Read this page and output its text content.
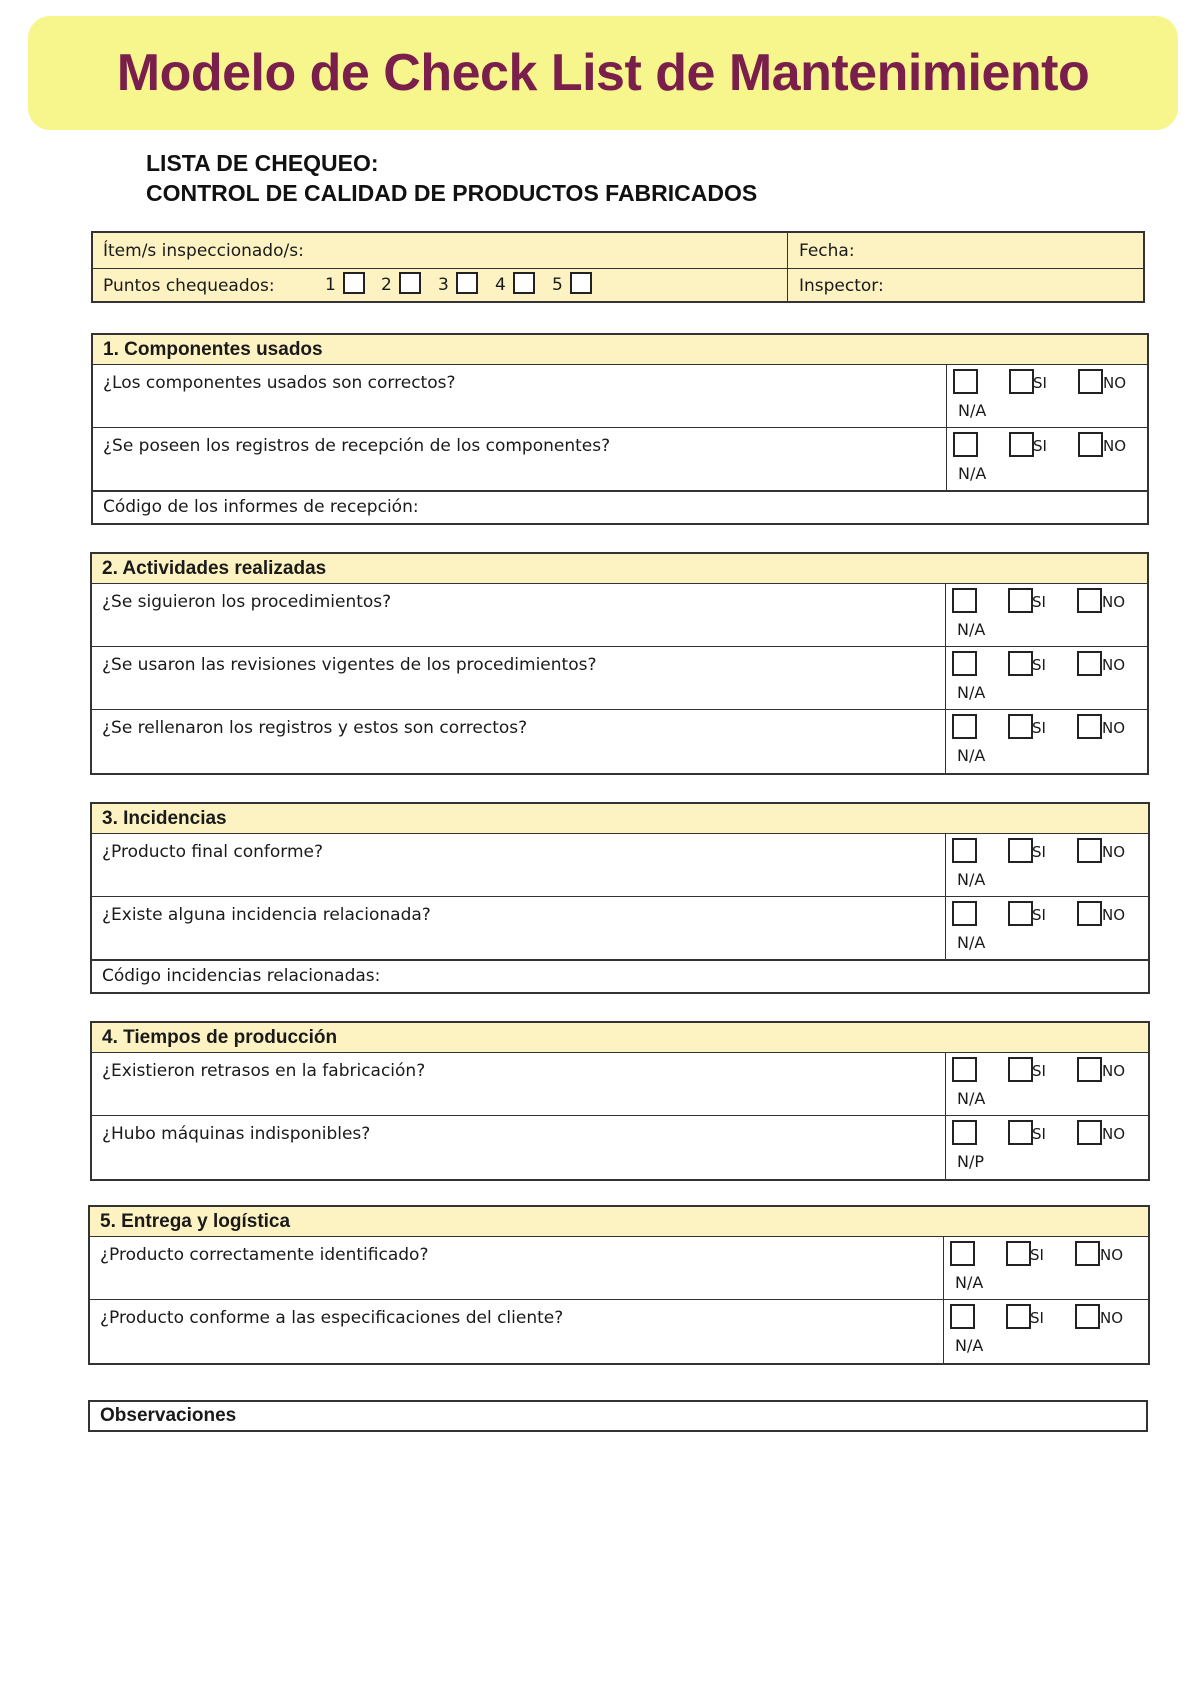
Modelo de Check List de Mantenimiento
LISTA DE CHEQUEO:
CONTROL DE CALIDAD DE PRODUCTOS FABRICADOS
Ítem/s inspeccionado/s:	Fecha:
Puntos chequeados:	1	2	3	4	5	Inspector:
1. Componentes usados
¿Los componentes usados son correctos?	SI	NO
N/A
¿Se poseen los registros de recepción de los componentes?	SI	NO
N/A
Código de los informes de recepción:
2. Actividades realizadas
¿Se siguieron los procedimientos?	SI	NO
N/A
¿Se usaron las revisiones vigentes de los procedimientos?	SI	NO
N/A
¿Se rellenaron los registros y estos son correctos?	SI	NO
N/A
3. Incidencias
¿Producto final conforme?	SI	NO
N/A
¿Existe alguna incidencia relacionada?	SI	NO
N/A
Código incidencias relacionadas:
4. Tiempos de producción
¿Existieron retrasos en la fabricación?	SI	NO
N/A
¿Hubo máquinas indisponibles?	SI	NO
N/P
5. Entrega y logística
¿Producto correctamente identificado?	SI	NO
N/A
¿Producto conforme a las especificaciones del cliente?	SI	NO
N/A
Observaciones
